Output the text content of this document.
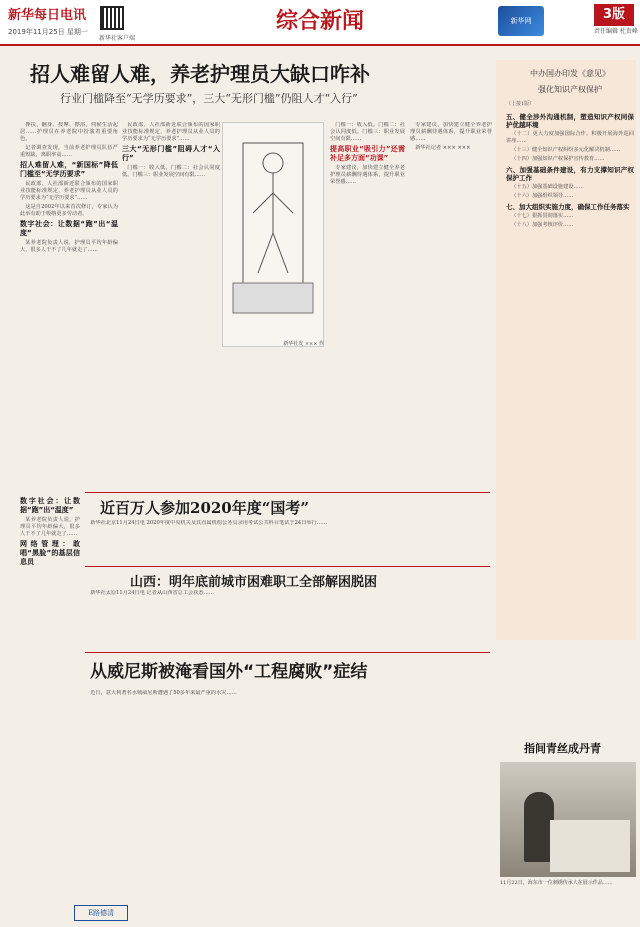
新华每日电讯
2019年11月25日 星期一
新华社客户端
综合新闻	新华网	3版
责任编辑 杜贵峰
招人难留人难，养老护理员大缺口咋补
行业门槛降至“无学历要求”，三大“无形门槛”仍阻人才“入行”

搀扶、翻身、按摩、擦浴、伺候生活起居……护理员在养老院中扮演着重要角色。

记者调查发现，当前养老护理员队伍严重短缺，离职率高……

招人难留人难，“新国标”降低门槛至“无学历要求”

民政部、人社部新近联合颁布的国家职业技能标准规定，养老护理员从业人员的学历要求为“无学历要求”……

这是自2002年以来首次修订，专家认为此举有助于吸纳更多劳动者。

数字社会：让数据“跑”出“温度”

某养老院负责人说，护理员平均年龄偏大，很多人干不了几年就走了……

民政部、人社部新近联合颁布的国家职业技能标准规定，养老护理员从业人员的学历要求为“无学历要求”……

三大“无形门槛”阻碍人才“入行”

门槛一：收入低。门槛二：社会认同度低。门槛三：职业发展空间有限……

新华社发 ××× 作

门槛一：收入低。门槛二：社会认同度低。门槛三：职业发展空间有限……

提高职业“吸引力”还需补足多方面“功课”

专家建议，加快建立健全养老护理员薪酬待遇体系，提升职业荣誉感……

专家建议，加快建立健全养老护理员薪酬待遇体系，提升职业荣誉感……

新华社记者 ××× ×××

中办国办印发《意见》
强化知识产权保护
（上接1版）

五、健全涉外沟通机制，塑造知识产权同保护优越环境

（十二）更大力度加强国际合作。积极开展海外巡回讲座……

（十三）健全知识产权纠纷多元化解决机制……

（十四）加强知识产权保护宣传教育……

六、加强基础条件建设，有力支撑知识产权保护工作

（十五）加强基础设施建设……

（十六）加强组织领导……

七、加大组织实施力度，确保工作任务落实

（十七）狠抓贯彻落实……

（十八）加强考核评价……

近百万人参加2020年度“国考”

新华社北京11月24日电 2020年度中央机关及其直属机构公务员录用考试公共科目笔试于24日举行……

山西：明年底前城市困难职工全部解困脱困

新华社太原11月24日电 记者从山西省总工会获悉……

从威尼斯被淹看国外“工程腐败”症结

数字社会：让数据“跑”出“温度”

某养老院负责人说，护理员平均年龄偏大，很多人干不了几年就走了……

网络管理：敢唱“黑脸”的基层信息员

近日，意大利著名水城威尼斯遭遇了50多年来最严重的水灾……

指间青丝成丹青
11月22日，海东市一位刺绣传承人在展示作品……
E路德清
